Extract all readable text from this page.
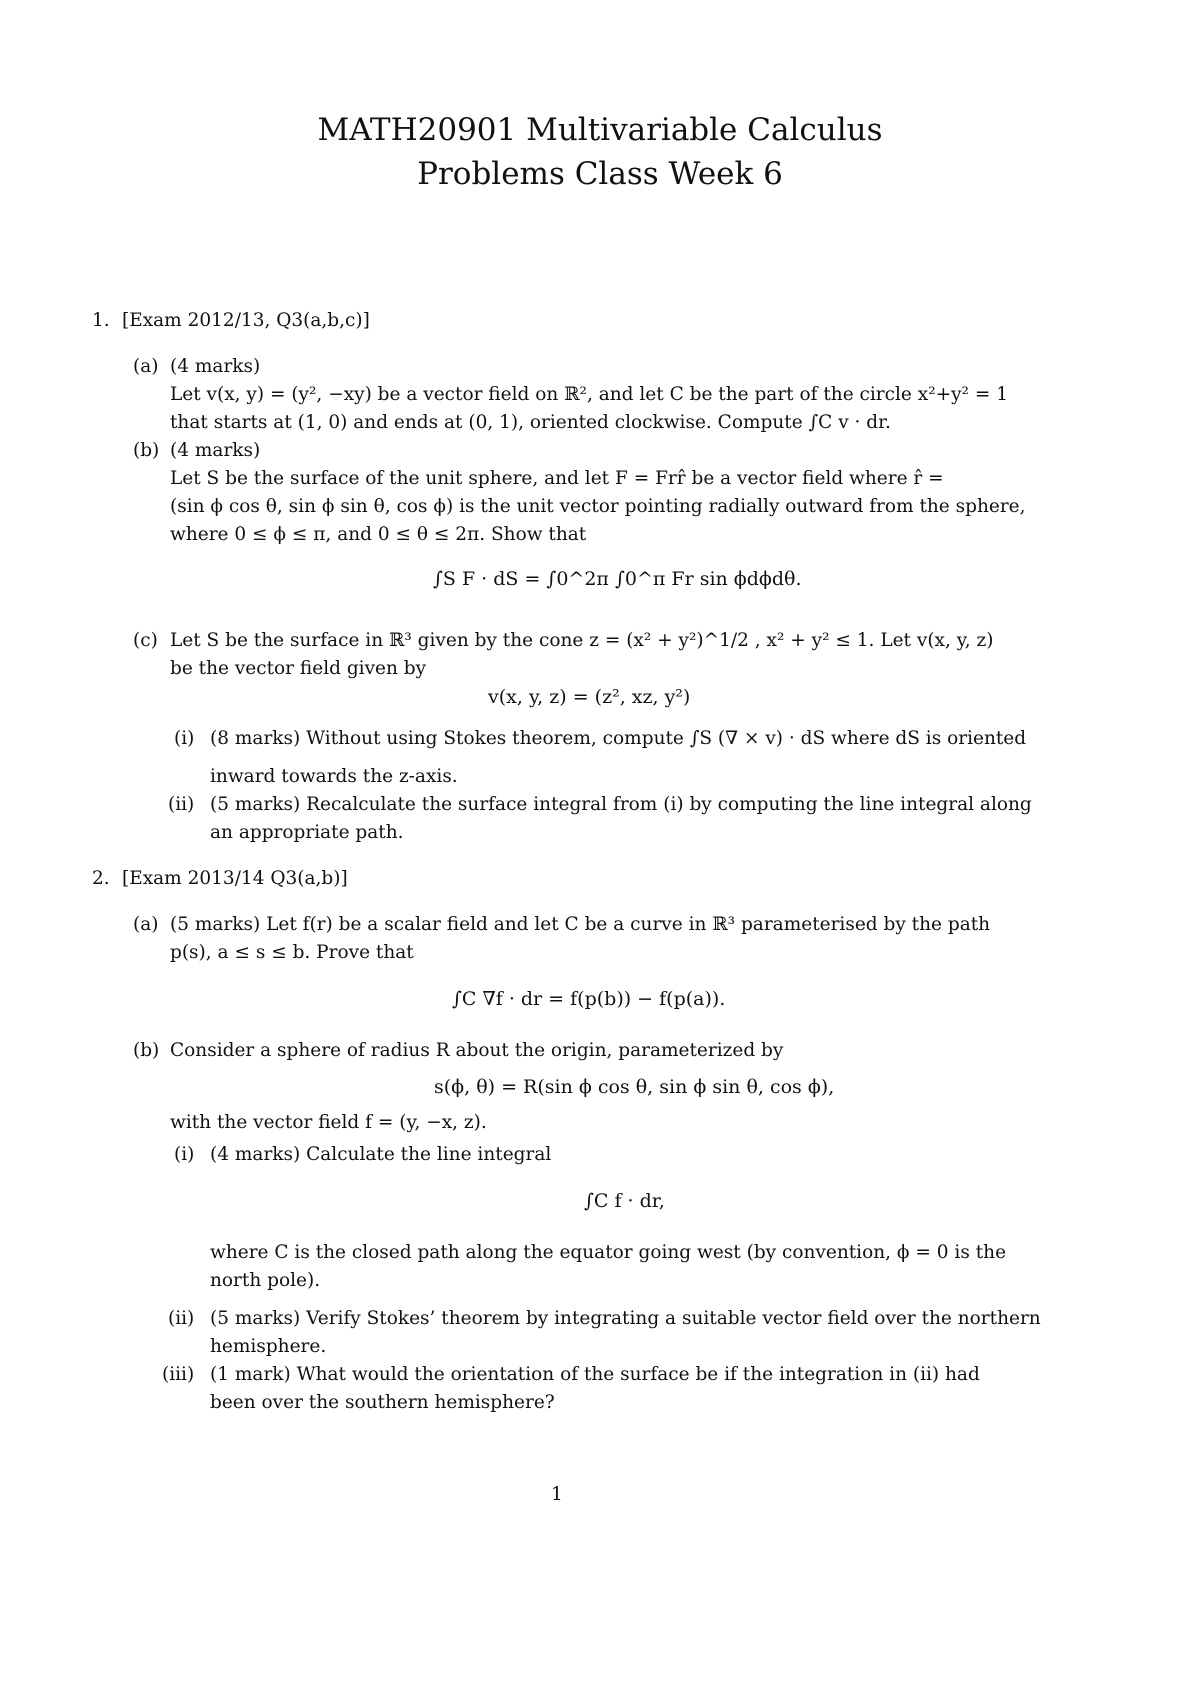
MATH20901 Multivariable Calculus
Problems Class Week 6
1. [Exam 2012/13, Q3(a,b,c)]
(a) (4 marks)
Let v(x, y) = (y², −xy) be a vector field on ℝ², and let C be the part of the circle x²+y² = 1
that starts at (1, 0) and ends at (0, 1), oriented clockwise. Compute ∫C v · dr.
(b) (4 marks)
Let S be the surface of the unit sphere, and let F = Frr̂ be a vector field where r̂ =
(sin ϕ cos θ, sin ϕ sin θ, cos ϕ) is the unit vector pointing radially outward from the sphere,
where 0 ≤ ϕ ≤ π, and 0 ≤ θ ≤ 2π. Show that
∫S F · dS = ∫0^2π ∫0^π Fr sin ϕdϕdθ.
(c) Let S be the surface in ℝ³ given by the cone z = (x² + y²)^1/2 , x² + y² ≤ 1. Let v(x, y, z)
be the vector field given by
v(x, y, z) = (z², xz, y²)
(i) (8 marks) Without using Stokes theorem, compute ∫S (∇ × v) · dS where dS is oriented
inward towards the z-axis.
(ii) (5 marks) Recalculate the surface integral from (i) by computing the line integral along
an appropriate path.
2. [Exam 2013/14 Q3(a,b)]
(a) (5 marks) Let f(r) be a scalar field and let C be a curve in ℝ³ parameterised by the path
p(s), a ≤ s ≤ b. Prove that
∫C ∇f · dr = f(p(b)) − f(p(a)).
(b) Consider a sphere of radius R about the origin, parameterized by
s(ϕ, θ) = R(sin ϕ cos θ, sin ϕ sin θ, cos ϕ),
with the vector field f = (y, −x, z).
(i) (4 marks) Calculate the line integral
∫C f · dr,
where C is the closed path along the equator going west (by convention, ϕ = 0 is the
north pole).
(ii) (5 marks) Verify Stokes’ theorem by integrating a suitable vector field over the northern
hemisphere.
(iii) (1 mark) What would the orientation of the surface be if the integration in (ii) had
been over the southern hemisphere?
1
